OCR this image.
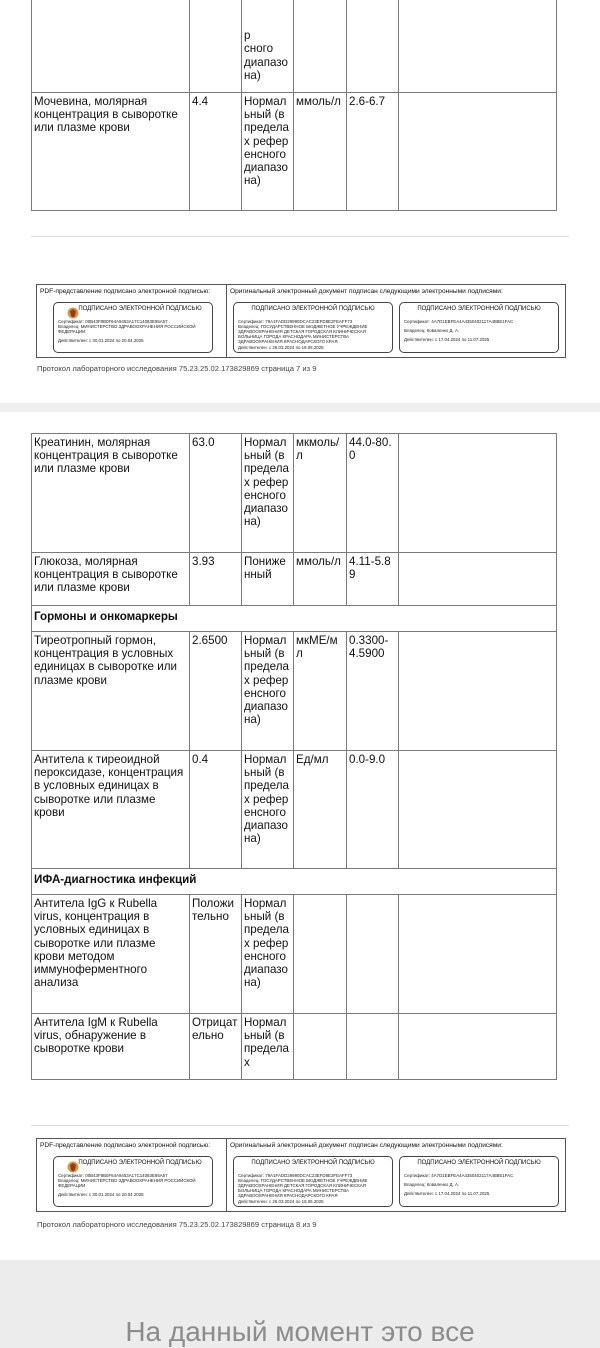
		р
сного
диапазо
на)			
Мочевина, молярная концентрация в сыворотке или плазме крови	4.4	Нормальный (в пределах референсного диапазона)	ммоль/л	2.6-6.7	
PDF-представление подписано электронной подписью:	Оригинальный электронный документ подписан следующими электронными подписями:
ПОДПИСАНО ЭЛЕКТРОННОЙ ПОДПИСЬЮ
Сертификат: 00B43F8B0F64A9453A17C14083E95A57
Владелец: МИНИСТЕРСТВО ЗДРАВООХРАНЕНИЯ РОССИЙСКОЙ ФЕДЕРАЦИИ
Действителен: с 30.01.2024 по 20.04.2025
ПОДПИСАНО ЭЛЕКТРОННОЙ ПОДПИСЬЮ
Сертификат: 79A1FADD29990DCAC23EFD8E2FEAFF73
Владелец: ГОСУДАРСТВЕННОЕ БЮДЖЕТНОЕ УЧРЕЖДЕНИЕ ЗДРАВООХРАНЕНИЯ ДЕТСКАЯ ГОРОДСКАЯ КЛИНИЧЕСКАЯ БОЛЬНИЦА ГОРОДА КРАСНОДАРА МИНИСТЕРСТВА ЗДРАВООХРАНЕНИЯ КРАСНОДАРСКОГО КРАЯ
Действителен: с 26.03.2024 по 18.06.2025
ПОДПИСАНО ЭЛЕКТРОННОЙ ПОДПИСЬЮ
Сертификат: 4A7D1EBFEA4A4350402117A4B8E1FAC
Владелец: Коваленко Д. А.
Действителен: с 17.04.2024 по 11.07.2025
Протокол лабораторного исследования 75.23.25.02.173829869 страница 7 из 9
Креатинин, молярная концентрация в сыворотке или плазме крови	63.0	Нормальный (в пределах референсного диапазона)	мкмоль/л	44.0-80.0	
Глюкоза, молярная концентрация в сыворотке или плазме крови	3.93	Пониженный	ммоль/л	4.11-5.89	
Гормоны и онкомаркеры					
Тиреотропный гормон, концентрация в условных единицах в сыворотке или плазме крови	2.6500	Нормальный (в пределах референсного диапазона)	мкМЕ/мл	0.3300-4.5900	
Антитела к тиреоидной пероксидазе, концентрация в условных единицах в сыворотке или плазме крови	0.4	Нормальный (в пределах референсного диапазона)	Ед/мл	0.0-9.0	
ИФА-диагностика инфекций					
Антитела IgG к Rubella virus, концентрация в условных единицах в сыворотке или плазме крови методом иммуноферментного анализа	Положительно	Нормальный (в пределах референсного диапазона)			
Антитела IgM к Rubella virus, обнаружение в сыворотке крови	Отрицательно	Нормальный (в пределах			
PDF-представление подписано электронной подписью:	Оригинальный электронный документ подписан следующими электронными подписями:
ПОДПИСАНО ЭЛЕКТРОННОЙ ПОДПИСЬЮ
Сертификат: 00B43F8B0F64A9453A17C14083E95A57
Владелец: МИНИСТЕРСТВО ЗДРАВООХРАНЕНИЯ РОССИЙСКОЙ ФЕДЕРАЦИИ
Действителен: с 30.01.2024 по 20.04.2025
ПОДПИСАНО ЭЛЕКТРОННОЙ ПОДПИСЬЮ
Сертификат: 79A1FADD29990DCAC23EFD8E2FEAFF73
Владелец: ГОСУДАРСТВЕННОЕ БЮДЖЕТНОЕ УЧРЕЖДЕНИЕ ЗДРАВООХРАНЕНИЯ ДЕТСКАЯ ГОРОДСКАЯ КЛИНИЧЕСКАЯ БОЛЬНИЦА ГОРОДА КРАСНОДАРА МИНИСТЕРСТВА ЗДРАВООХРАНЕНИЯ КРАСНОДАРСКОГО КРАЯ
Действителен: с 26.03.2024 по 18.06.2025
ПОДПИСАНО ЭЛЕКТРОННОЙ ПОДПИСЬЮ
Сертификат: 4A7D1EBFEA4A4350402117A4B8E1FAC
Владелец: Коваленко Д. А.
Действителен: с 17.04.2024 по 11.07.2025
Протокол лабораторного исследования 75.23.25.02.173829869 страница 8 из 9
На данный момент это все
